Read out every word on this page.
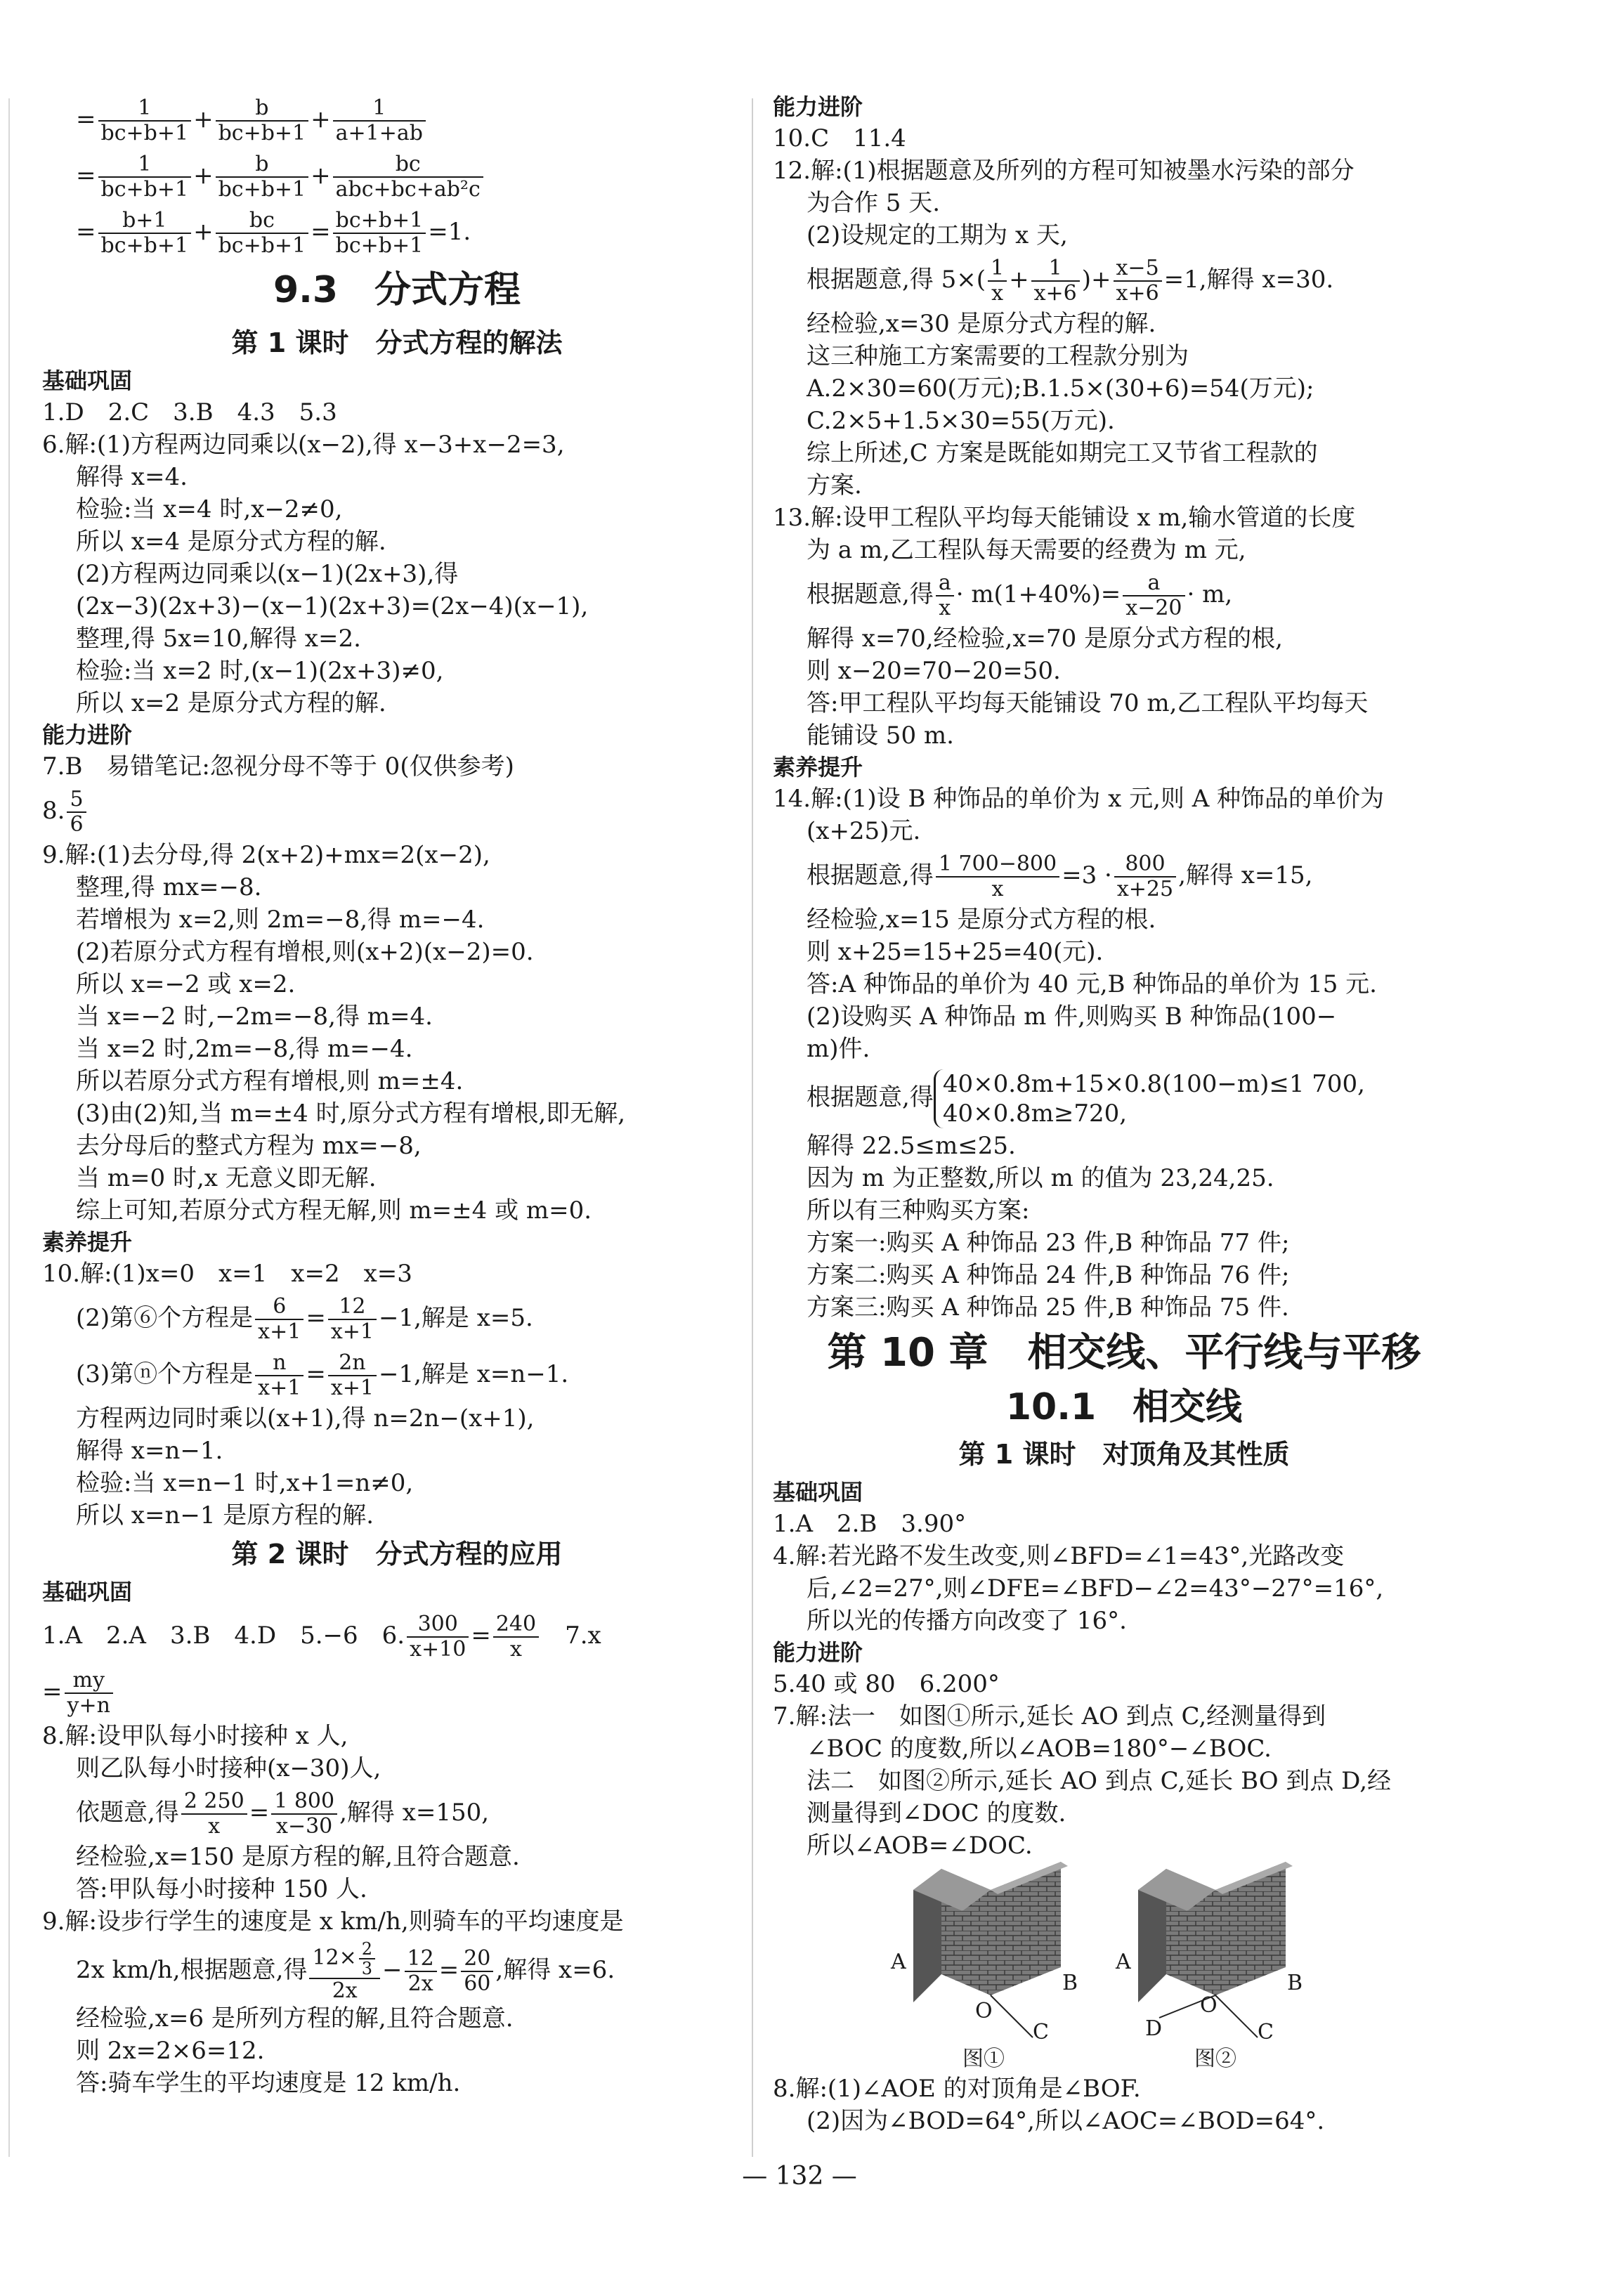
= $\frac{1}{bc+b+1} + \frac{b}{bc+b+1} + \frac{1}{a+1+ab}$
= $\frac{1}{bc+b+1} + \frac{b}{bc+b+1} + \frac{bc}{\text{abc+bc+ab²c}}$
= $\frac{b+1}{bc+b+1} + \frac{bc}{bc+b+1} = \frac{bc+b+1}{bc+b+1} =1$.
9.3　分式方程
第 1 课时　分式方程的解法
基础巩固
1.D　2.C　3.B　4.3　5.3
6.解:(1)方程两边同乘以(x−2),得 x−3+x−2=3,
解得 x=4.
检验:当 x=4 时,x−2≠0,
所以 x=4 是原分式方程的解.
(2)方程两边同乘以(x−1)(2x+3),得
(2x−3)(2x+3)−(x−1)(2x+3)=(2x−4)(x−1),
整理,得 5x=10,解得 x=2.
检验:当 x=2 时,(x−1)(2x+3)≠0,
所以 x=2 是原分式方程的解.
能力进阶
7.B　易错笔记:忽视分母不等于 0(仅供参考)
8. $\frac{5}{6}$
9.解:(1)去分母,得 2(x+2)+mx=2(x−2),
整理,得 mx=−8.
若增根为 x=2,则 2m=−8,得 m=−4.
(2)若原分式方程有增根,则(x+2)(x−2)=0.
所以 x=−2 或 x=2.
当 x=−2 时,−2m=−8,得 m=4.
当 x=2 时,2m=−8,得 m=−4.
所以若原分式方程有增根,则 m=±4.
(3)由(2)知,当 m=±4 时,原分式方程有增根,即无解,
去分母后的整式方程为 mx=−8,
当 m=0 时,x 无意义即无解.
综上可知,若原分式方程无解,则 m=±4 或 m=0.
素养提升
10.解:(1)x=0　x=1　x=2　x=3
(2)第⑥个方程是 $\frac{6}{x+1} = \frac{12}{x+1} -1$,解是 x=5.
(3)第ⓝ个方程是 $\frac{n}{x+1} = \frac{2n}{x+1} -1$,解是 x=n−1.
方程两边同时乘以(x+1),得 n=2n−(x+1),
解得 x=n−1.
检验:当 x=n−1 时,x+1=n≠0,
所以 x=n−1 是原方程的解.
第 2 课时　分式方程的应用
基础巩固
1.A　2.A　3.B　4.D　5.−6　6. $\frac{300}{x+10} = \frac{240}{x}$ 　7.x
= $\frac{my}{y+n}$
8.解:设甲队每小时接种 x 人,
则乙队每小时接种(x−30)人,
依题意,得 $\frac{2 250}{x} = \frac{1 800}{x-30}$ ,解得 x=150,
经检验,x=150 是原方程的解,且符合题意.
答:甲队每小时接种 150 人.
9.解:设步行学生的速度是 x km/h,则骑车的平均速度是
2x km/h,根据题意,得 $\frac{12\times \frac{2}{3}}{2x} - \frac{12}{2x} = \frac{20}{60}$ ,解得 x=6.
经检验,x=6 是所列方程的解,且符合题意.
则 2x=2×6=12.
答:骑车学生的平均速度是 12 km/h.
能力进阶
10.C　11.4
12.解:(1)根据题意及所列的方程可知被墨水污染的部分
为合作 5 天.
(2)设规定的工期为 x 天,
根据题意,得 $5\times( \frac{1}{x} + \frac{1}{x+6}$ )+ $\frac{x-5}{x+6} =1$,解得 x=30.
经检验,x=30 是原分式方程的解.
这三种施工方案需要的工程款分别为
A.2×30=60(万元);B.1.5×(30+6)=54(万元);
C.2×5+1.5×30=55(万元).
综上所述,C 方案是既能如期完工又节省工程款的
方案.
13.解:设甲工程队平均每天能铺设 x m,输水管道的长度
为 a m,乙工程队每天需要的经费为 m 元,
根据题意,得 $\frac{a}{x} \cdot m(1+40\%)= \frac{a}{x-20} \cdot m$,
解得 x=70,经检验,x=70 是原分式方程的根,
则 x−20=70−20=50.
答:甲工程队平均每天能铺设 70 m,乙工程队平均每天
能铺设 50 m.
素养提升
14.解:(1)设 B 种饰品的单价为 x 元,则 A 种饰品的单价为
(x+25)元.
根据题意,得 $\frac{1 700-800}{x} =3 \cdot \frac{800}{x+25}$ ,解得 x=15,
经检验,x=15 是原分式方程的根.
则 x+25=15+25=40(元).
答:A 种饰品的单价为 40 元,B 种饰品的单价为 15 元.
(2)设购买 A 种饰品 m 件,则购买 B 种饰品(100−
m)件.
根据题意,得 40×0.8m+15×0.8(100−m)≤1 700,
40×0.8m≥720,
解得 22.5≤m≤25.
因为 m 为正整数,所以 m 的值为 23,24,25.
所以有三种购买方案:
方案一:购买 A 种饰品 23 件,B 种饰品 77 件;
方案二:购买 A 种饰品 24 件,B 种饰品 76 件;
方案三:购买 A 种饰品 25 件,B 种饰品 75 件.
第 10 章　相交线、平行线与平移
10.1　相交线
第 1 课时　对顶角及其性质
基础巩固
1.A　2.B　3.90°
4.解:若光路不发生改变,则∠BFD=∠1=43°,光路改变
后,∠2=27°,则∠DFE=∠BFD−∠2=43°−27°=16°,
所以光的传播方向改变了 16°.
能力进阶
5.40 或 80　6.200°
7.解:法一　如图①所示,延长 AO 到点 C,经测量得到
∠BOC 的度数,所以∠AOB=180°−∠BOC.
法二　如图②所示,延长 AO 到点 C,延长 BO 到点 D,经
测量得到∠DOC 的度数.
所以∠AOB=∠DOC.
A
B
O
C
A
B
O
C
D
图①	图②
8.解:(1)∠AOE 的对顶角是∠BOF.
(2)因为∠BOD=64°,所以∠AOC=∠BOD=64°.
— 132 —
